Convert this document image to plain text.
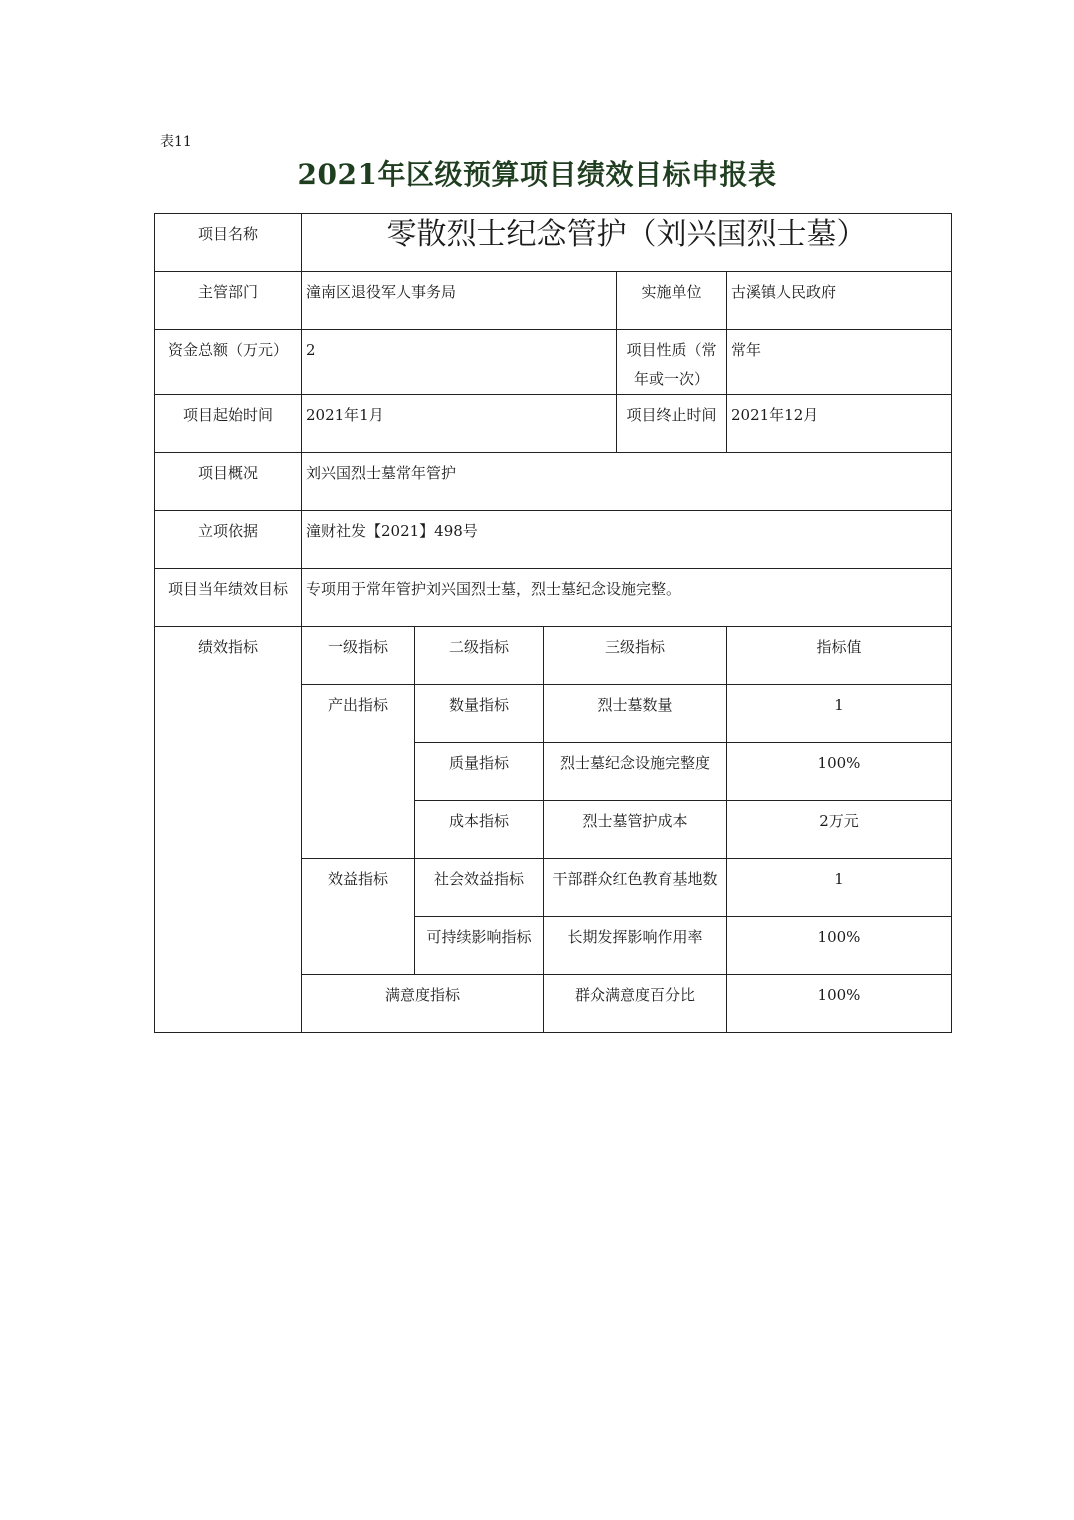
表11
2021年区级预算项目绩效目标申报表
项目名称	零散烈士纪念管护（刘兴国烈士墓）				
主管部门	潼南区退役军人事务局			实施单位	古溪镇人民政府
资金总额（万元）	2			项目性质（常年或一次）	常年
项目起始时间	2021年1月			项目终止时间	2021年12月
项目概况	刘兴国烈士墓常年管护				
立项依据	潼财社发【2021】498号				
项目当年绩效目标	专项用于常年管护刘兴国烈士墓，烈士墓纪念设施完整。				
绩效指标	一级指标	二级指标	三级指标		指标值
	产出指标	数量指标	烈士墓数量		1
		质量指标	烈士墓纪念设施完整度		100%
		成本指标	烈士墓管护成本		2万元
	效益指标	社会效益指标	干部群众红色教育基地数		1
		可持续影响指标	长期发挥影响作用率		100%
	满意度指标		群众满意度百分比		100%
